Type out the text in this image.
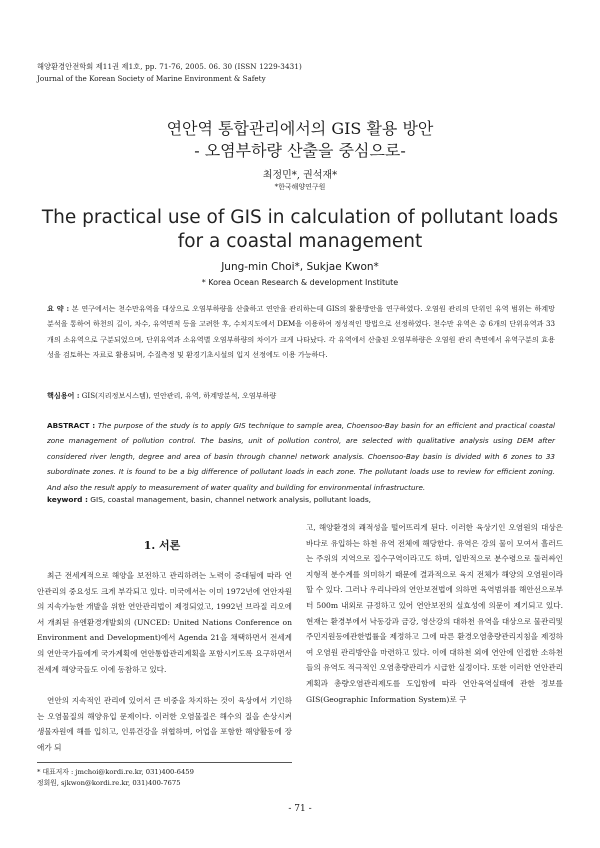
해양환경안전학회 제11권 제1호, pp. 71-76, 2005. 06. 30 (ISSN 1229-3431)
Journal of the Korean Society of Marine Environment & Safety
연안역 통합관리에서의 GIS 활용 방안
- 오염부하량 산출을 중심으로-
최정민*, 권석재*
*한국해양연구원
The practical use of GIS in calculation of pollutant loads
for a coastal management
Jung-min Choi*, Sukjae Kwon*
* Korea Ocean Research & development Institute
요 약 : 본 연구에서는 천수만유역을 대상으로 오염부하량을 산출하고 연안을 관리하는데 GIS의 활용방안을 연구하였다. 오염원 관리의 단위인 유역 범위는 하계망 분석을 통하여 하천의 길이, 차수, 유역면적 등을 고려한 후, 수치지도에서 DEM을 이용하여 정성적인 방법으로 선정하였다. 천수만 유역은 총 6개의 단위유역과 33개의 소유역으로 구분되었으며, 단위유역과 소유역별 오염부하량의 차이가 크게 나타났다. 각 유역에서 산출된 오염부하량은 오염원 관리 측면에서 유역구분의 효용성을 검토하는 자료로 활용되며, 수질측정 및 환경기초시설의 입지 선정에도 이용 가능하다.
핵심용어 : GIS(지리정보시스템), 연안관리, 유역, 하계망분석, 오염부하량
ABSTRACT : The purpose of the study is to apply GIS technique to sample area, Choensoo-Bay basin for an efficient and practical coastal zone management of pollution control. The basins, unit of pollution control, are selected with qualitative analysis using DEM after considered river length, degree and area of basin through channel network analysis. Choensoo-Bay basin is divided with 6 zones to 33 subordinate zones. It is found to be a big difference of pollutant loads in each zone. The pollutant loads use to review for efficient zoning. And also the result apply to measurement of water quality and building for environmental infrastructure.
keyword : GIS, coastal management, basin, channel network analysis, pollutant loads,
1. 서론

최근 전세계적으로 해양을 보전하고 관리하려는 노력이 증대됨에 따라 연안관리의 중요성도 크게 부각되고 있다. 미국에서는 이미 1972년에 연안자원의 지속가능한 개발을 위한 연안관리법이 제정되었고, 1992년 브라질 리오에서 개최된 유엔환경개발회의 (UNCED: United Nations Conference on Environment and Development)에서 Agenda 21을 채택하면서 전세계의 연안국가들에게 국가계획에 연안통합관리계획을 포함시키도록 요구하면서 전세계 해양국들도 이에 동참하고 있다.

연안의 지속적인 관리에 있어서 큰 비중을 차지하는 것이 육상에서 기인하는 오염물질의 해양유입 문제이다. 이러한 오염물질은 해수의 질을 손상시켜 생물자원에 해를 입히고, 인류건강을 위협하며, 어업을 포함한 해양활동에 장애가 되

고, 해양환경의 쾌적성을 떨어뜨리게 된다. 이러한 육상기인 오염원의 대상은 바다로 유입하는 하천 유역 전체에 해당한다. 유역은 강의 물이 모여서 흘러드는 주위의 지역으로 집수구역이라고도 하며, 일반적으로 분수령으로 둘러싸인 지형적 분수계를 의미하기 때문에 결과적으로 육지 전체가 해양의 오염원이라 할 수 있다. 그러나 우리나라의 연안보전법에 의하면 육역범위를 해안선으로부터 500m 내외로 규정하고 있어 연안보전의 실효성에 의문이 제기되고 있다. 현재는 환경부에서 낙동강과 금강, 영산강의 대하천 유역을 대상으로 물관리및주민지원등에관한법률을 제정하고 그에 따른 환경오염총량관리지침을 제정하여 오염원 관리방안을 마련하고 있다. 이에 대하천 외에 연안에 인접한 소하천들의 유역도 적극적인 오염총량관리가 시급한 실정이다. 또한 이러한 연안관리계획과 총량오염관리제도를 도입함에 따라 연안육역실태에 관한 정보를 GIS(Geographic Information System)로 구

* 대표저자 : jmchoi@kordi.re.kr, 031)400-6459
정회원, sjkwon@kordi.re.kr, 031)400-7675
- 71 -
